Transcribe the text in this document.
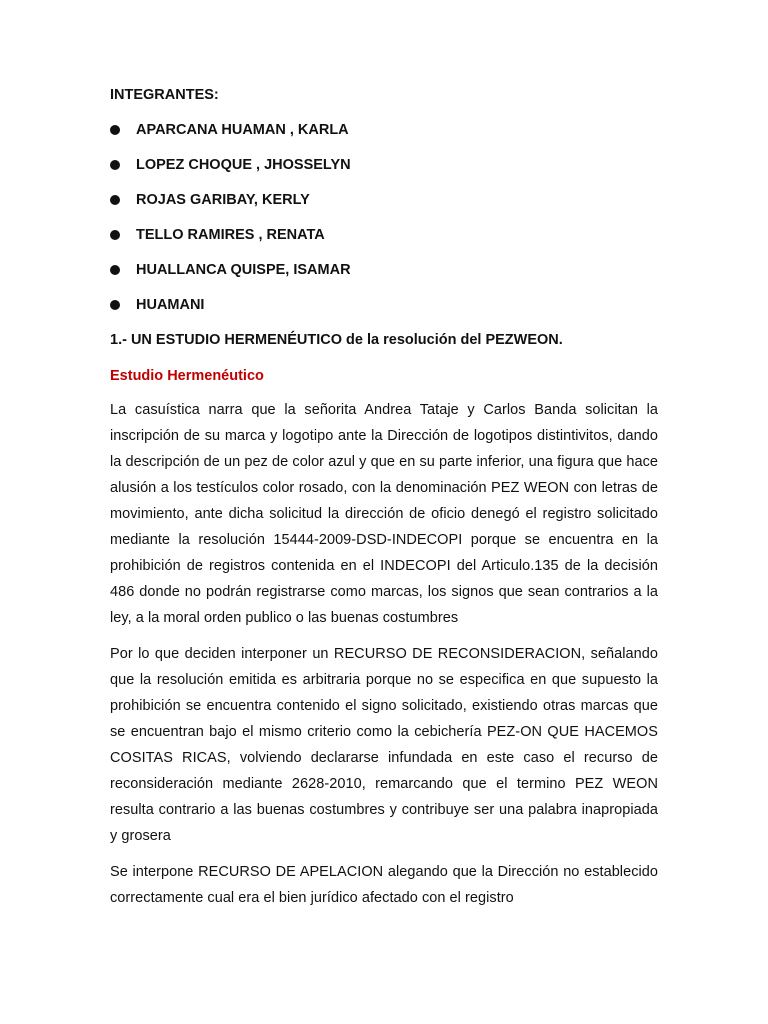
INTEGRANTES:

APARCANA HUAMAN , KARLA
LOPEZ CHOQUE , JHOSSELYN
ROJAS GARIBAY, KERLY
TELLO RAMIRES , RENATA
HUALLANCA QUISPE, ISAMAR
HUAMANI

1.- UN ESTUDIO HERMENÉUTICO de la resolución del PEZWEON.

Estudio Hermenéutico

La casuística narra que la señorita Andrea Tataje y Carlos Banda solicitan la inscripción de su marca y logotipo ante la Dirección de logotipos distintivitos, dando la descripción de un pez de color azul y que en su parte inferior, una figura que hace alusión a los testículos color rosado, con la denominación PEZ WEON con letras de movimiento, ante dicha solicitud la dirección de oficio denegó el registro solicitado mediante la resolución 15444-2009-DSD-INDECOPI porque se encuentra en la prohibición de registros contenida en el INDECOPI del Articulo.135 de la decisión 486 donde no podrán registrarse como marcas, los signos que sean contrarios a la ley, a la moral orden publico o las buenas costumbres

Por lo que deciden interponer un RECURSO DE RECONSIDERACION, señalando que la resolución emitida es arbitraria porque no se especifica en que supuesto la prohibición se encuentra contenido el signo solicitado, existiendo otras marcas que se encuentran bajo el mismo criterio como la cebichería PEZ-ON QUE HACEMOS COSITAS RICAS, volviendo declararse infundada en este caso el recurso de reconsideración mediante 2628-2010, remarcando que el termino PEZ WEON resulta contrario a las buenas costumbres y contribuye ser una palabra inapropiada y grosera

Se interpone RECURSO DE APELACION alegando que la Dirección no establecido correctamente cual era el bien jurídico afectado con el registro
